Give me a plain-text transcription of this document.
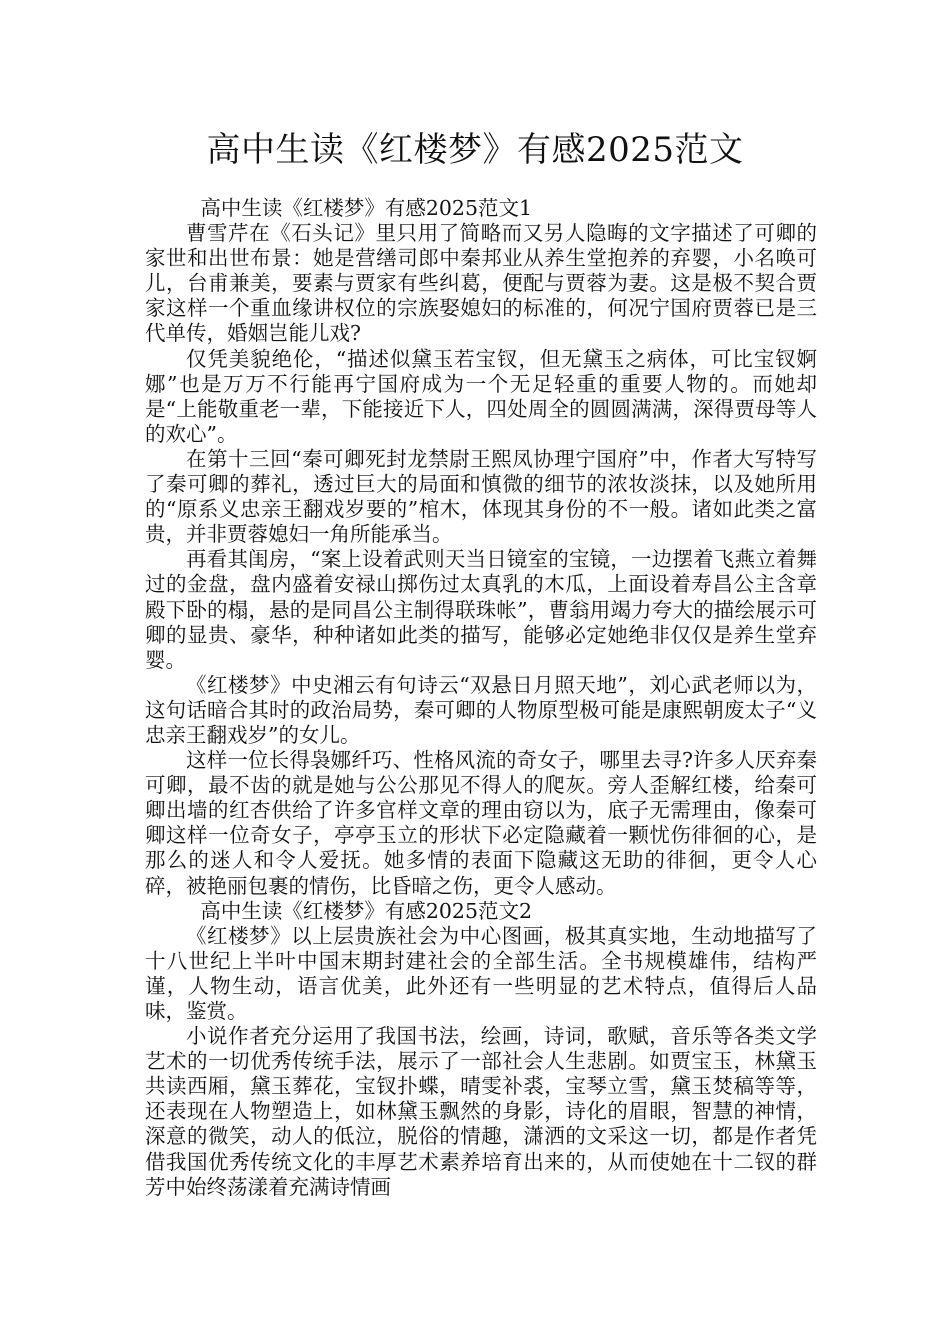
高中生读《红楼梦》有感2025范文

高中生读《红楼梦》有感2025范文1

曹雪芹在《石头记》里只用了简略而又另人隐晦的文字描述了可卿的家世和出世布景：她是营缮司郎中秦邦业从养生堂抱养的弃婴，小名唤可儿，台甫兼美，要素与贾家有些纠葛，便配与贾蓉为妻。这是极不契合贾家这样一个重血缘讲权位的宗族娶媳妇的标准的，何况宁国府贾蓉已是三代单传，婚姻岂能儿戏?

仅凭美貌绝伦，“描述似黛玉若宝钗，但无黛玉之病体，可比宝钗婀娜”也是万万不行能再宁国府成为一个无足轻重的重要人物的。而她却是“上能敬重老一辈，下能接近下人，四处周全的圆圆满满，深得贾母等人的欢心”。

在第十三回“秦可卿死封龙禁尉王熙凤协理宁国府”中，作者大写特写了秦可卿的葬礼，透过巨大的局面和慎微的细节的浓妆淡抹，以及她所用的“原系义忠亲王翻戏岁要的”棺木，体现其身份的不一般。诸如此类之富贵，并非贾蓉媳妇一角所能承当。

再看其闺房，“案上设着武则天当日镜室的宝镜，一边摆着飞燕立着舞过的金盘，盘内盛着安禄山掷伤过太真乳的木瓜，上面设着寿昌公主含章殿下卧的榻，悬的是同昌公主制得联珠帐”，曹翁用竭力夸大的描绘展示可卿的显贵、豪华，种种诸如此类的描写，能够必定她绝非仅仅是养生堂弃婴。

《红楼梦》中史湘云有句诗云“双悬日月照天地”，刘心武老师以为，这句话暗合其时的政治局势，秦可卿的人物原型极可能是康熙朝废太子“义忠亲王翻戏岁”的女儿。

这样一位长得袅娜纤巧、性格风流的奇女子，哪里去寻?许多人厌弃秦可卿，最不齿的就是她与公公那见不得人的爬灰。旁人歪解红楼，给秦可卿出墙的红杏供给了许多官样文章的理由窃以为，底子无需理由，像秦可卿这样一位奇女子，亭亭玉立的形状下必定隐藏着一颗忧伤徘徊的心，是那么的迷人和令人爱抚。她多情的表面下隐藏这无助的徘徊，更令人心碎，被艳丽包裹的情伤，比昏暗之伤，更令人感动。

高中生读《红楼梦》有感2025范文2

《红楼梦》以上层贵族社会为中心图画，极其真实地，生动地描写了十八世纪上半叶中国末期封建社会的全部生活。全书规模雄伟，结构严谨，人物生动，语言优美，此外还有一些明显的艺术特点，值得后人品味，鉴赏。

小说作者充分运用了我国书法，绘画，诗词，歌赋，音乐等各类文学艺术的一切优秀传统手法，展示了一部社会人生悲剧。如贾宝玉，林黛玉共读西厢，黛玉葬花，宝钗扑蝶，晴雯补裘，宝琴立雪，黛玉焚稿等等，还表现在人物塑造上，如林黛玉飘然的身影，诗化的眉眼，智慧的神情，深意的微笑，动人的低泣，脱俗的情趣，潇洒的文采这一切，都是作者凭借我国优秀传统文化的丰厚艺术素养培育出来的，从而使她在十二钗的群芳中始终荡漾着充满诗情画
